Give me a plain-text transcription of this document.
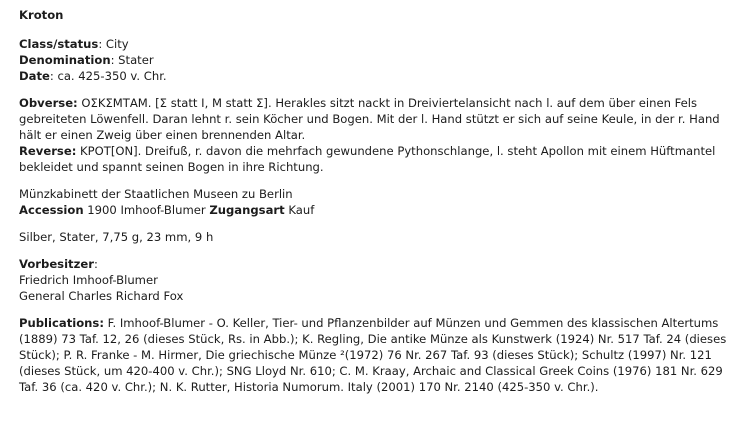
Kroton
Class/status: City
Denomination: Stater
Date: ca. 425-350 v. Chr.

Obverse: ΟΣΚΣΜΤΑΜ. [Σ statt Ι, Μ statt Σ]. Herakles sitzt nackt in Dreiviertelansicht nach l. auf dem über einen Fels gebreiteten Löwenfell. Daran lehnt r. sein Köcher und Bogen. Mit der l. Hand stützt er sich auf seine Keule, in der r. Hand hält er einen Zweig über einen brennenden Altar.

Reverse: ΚΡΟΤ[ΟΝ]. Dreifuß, r. davon die mehrfach gewundene Pythonschlange, l. steht Apollon mit einem Hüftmantel bekleidet und spannt seinen Bogen in ihre Richtung.

Münzkabinett der Staatlichen Museen zu Berlin
Accession 1900 Imhoof-Blumer Zugangsart Kauf
Silber, Stater, 7,75 g, 23 mm, 9 h
Vorbesitzer:
Friedrich Imhoof-Blumer
General Charles Richard Fox

Publications: F. Imhoof-Blumer - O. Keller, Tier- und Pflanzenbilder auf Münzen und Gemmen des klassischen Altertums (1889) 73 Taf. 12, 26 (dieses Stück, Rs. in Abb.); K. Regling, Die antike Münze als Kunstwerk (1924) Nr. 517 Taf. 24 (dieses Stück); P. R. Franke - M. Hirmer, Die griechische Münze ²(1972) 76 Nr. 267 Taf. 93 (dieses Stück); Schultz (1997) Nr. 121 (dieses Stück, um 420-400 v. Chr.); SNG Lloyd Nr. 610; C. M. Kraay, Archaic and Classical Greek Coins (1976) 181 Nr. 629 Taf. 36 (ca. 420 v. Chr.); N. K. Rutter, Historia Numorum. Italy (2001) 170 Nr. 2140 (425-350 v. Chr.).
